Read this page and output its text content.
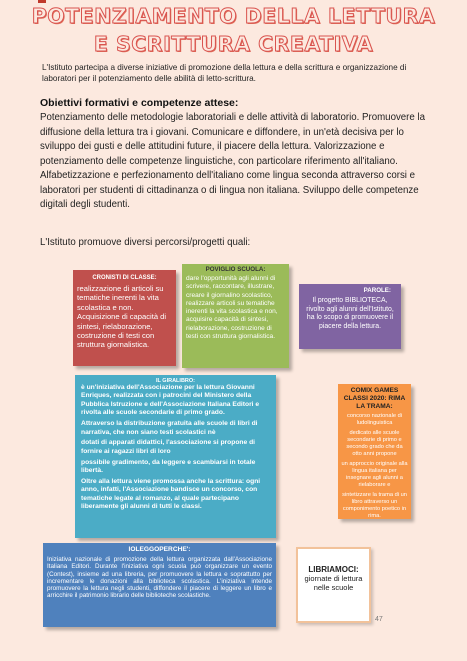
POTENZIAMENTO DELLA LETTURA
E SCRITTURA CREATIVA
L'Istituto partecipa a diverse iniziative di promozione della lettura e della scrittura e organizzazione di laboratori per il potenziamento delle abilità di letto-scrittura.
Obiettivi formativi e competenze attese:
Potenziamento delle metodologie laboratoriali e delle attività di laboratorio. Promuovere la diffusione della lettura tra i giovani. Comunicare e diffondere, in un'età decisiva per lo sviluppo dei gusti e delle attitudini future, il piacere della lettura. Valorizzazione e potenziamento delle competenze linguistiche, con particolare riferimento all'italiano. Alfabetizzazione e perfezionamento dell'italiano come lingua seconda attraverso corsi e laboratori per studenti di cittadinanza o di lingua non italiana. Sviluppo delle competenze digitali degli studenti.
L'Istituto promuove diversi percorsi/progetti quali:
CRONISTI DI CLASSE:
realizzazione di articoli su tematiche inerenti la vita scolastica e non. Acquisizione di capacità di sintesi, rielaborazione, costruzione di testi con struttura giornalistica.
POVIGLIO SCUOLA:
dare l'opportunità agli alunni di scrivere, raccontare, illustrare, creare il giornalino scolastico, realizzare articoli su tematiche inerenti la vita scolastica e non, acquisire capacità di sintesi, rielaborazione, costruzione di testi con struttura giornalistica.
PAROLE:
Il progetto BIBLIOTECA, rivolto agli alunni dell'Istituto, ha lo scopo di promuovere il piacere della lettura.
IL GIRALIBRO:

è un'iniziativa dell'Associazione per la lettura Giovanni Enriques, realizzata con i patrocini del Ministero della Pubblica Istruzione e dell'Associazione Italiana Editori e rivolta alle scuole secondarie di primo grado.

Attraverso la distribuzione gratuita alle scuole di libri di narrativa, che non siano testi scolastici nè

dotati di apparati didattici, l'associazione si propone di fornire ai ragazzi libri di loro

possibile gradimento, da leggere e scambiarsi in totale libertà.

Oltre alla lettura viene promossa anche la scrittura: ogni anno, infatti, l'Associazione bandisce un concorso, con tematiche legate al romanzo, al quale partecipano liberamente gli alunni di tutti le classi.

COMIX GAMES CLASSI 2020: RIMA LA TRAMA:

concorso nazionale di ludolinguistica

dedicato alle scuole secondarie di primo e secondo grado che da otto anni propone

un approccio originale alla lingua italiana per insegnare agli alunni a rielaborare e

sintetizzare la trama di un libro attraverso un componimento poetico in rima.

IOLEGGOPERCHE':
Iniziativa nazionale di promozione della lettura organizzata dall'Associazione Italiana Editori. Durante l'iniziativa ogni scuola può organizzare un evento (Contest), insieme ad una libreria, per promuovere la lettura e soprattutto per incrementare le donazioni alla biblioteca scolastica. L'iniziativa intende promuovere la lettura negli studenti, diffondere il piacere di leggere un libro e arricchire il patrimonio librario delle biblioteche scolastiche.
LIBRIAMOCI:
giornate di lettura nelle scuole
47
